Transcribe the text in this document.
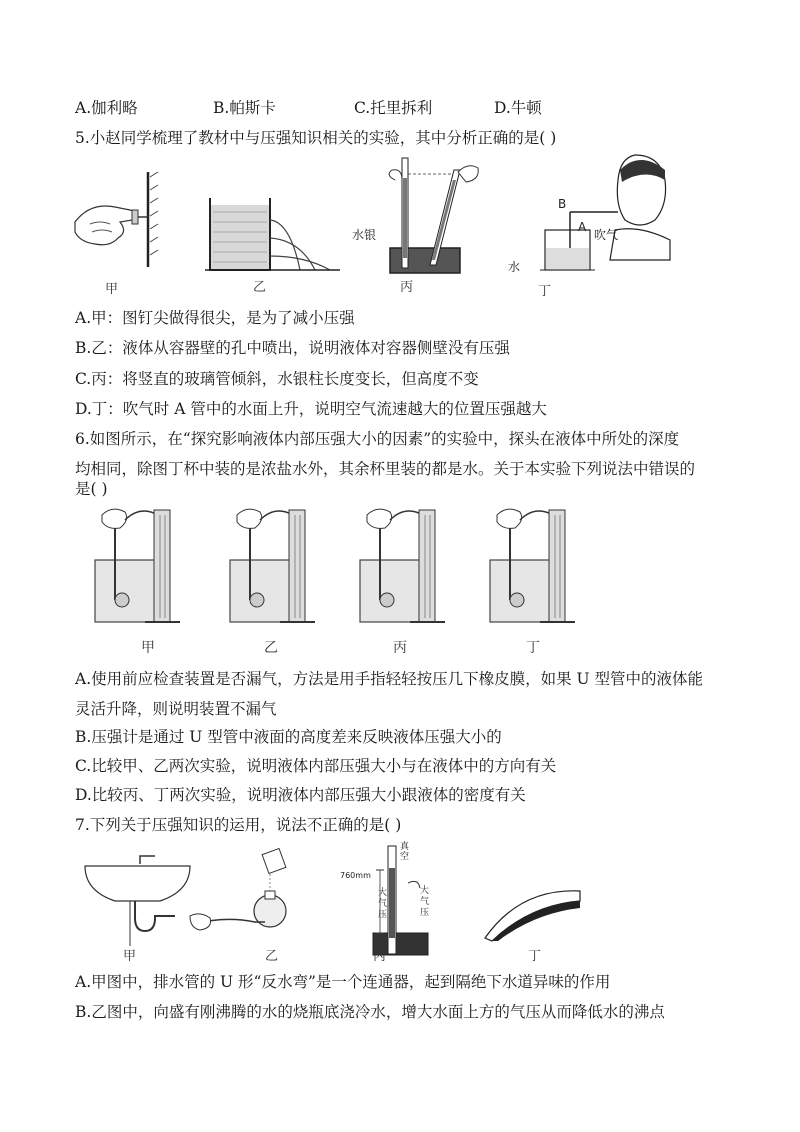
A.伽利略	B.帕斯卡	C.托里拆利	D.牛顿
5.小赵同学梳理了教材中与压强知识相关的实验，其中分析正确的是( )
水银
B
A
吹气
水
甲	乙	丙	丁
A.甲：图钉尖做得很尖，是为了减小压强
B.乙：液体从容器壁的孔中喷出，说明液体对容器侧壁没有压强
C.丙：将竖直的玻璃管倾斜，水银柱长度变长，但高度不变
D.丁：吹气时 A 管中的水面上升，说明空气流速越大的位置压强越大
6.如图所示，在“探究影响液体内部压强大小的因素”的实验中，探头在液体中所处的深度
均相同，除图丁杯中装的是浓盐水外，其余杯里装的都是水。关于本实验下列说法中错误的
是( )
甲	乙	丙	丁
A.使用前应检查装置是否漏气，方法是用手指轻轻按压几下橡皮膜，如果 U 型管中的液体能
灵活升降，则说明装置不漏气
B.压强计是通过 U 型管中液面的高度差来反映液体压强大小的
C.比较甲、乙两次实验，说明液体内部压强大小与在液体中的方向有关
D.比较丙、丁两次实验，说明液体内部压强大小跟液体的密度有关
7.下列关于压强知识的运用，说法不正确的是( )
真
空
760mm
大气压
大气压
甲	乙	丙	丁
A.甲图中，排水管的 U 形“反水弯”是一个连通器，起到隔绝下水道异味的作用
B.乙图中，向盛有刚沸腾的水的烧瓶底浇冷水，增大水面上方的气压从而降低水的沸点
